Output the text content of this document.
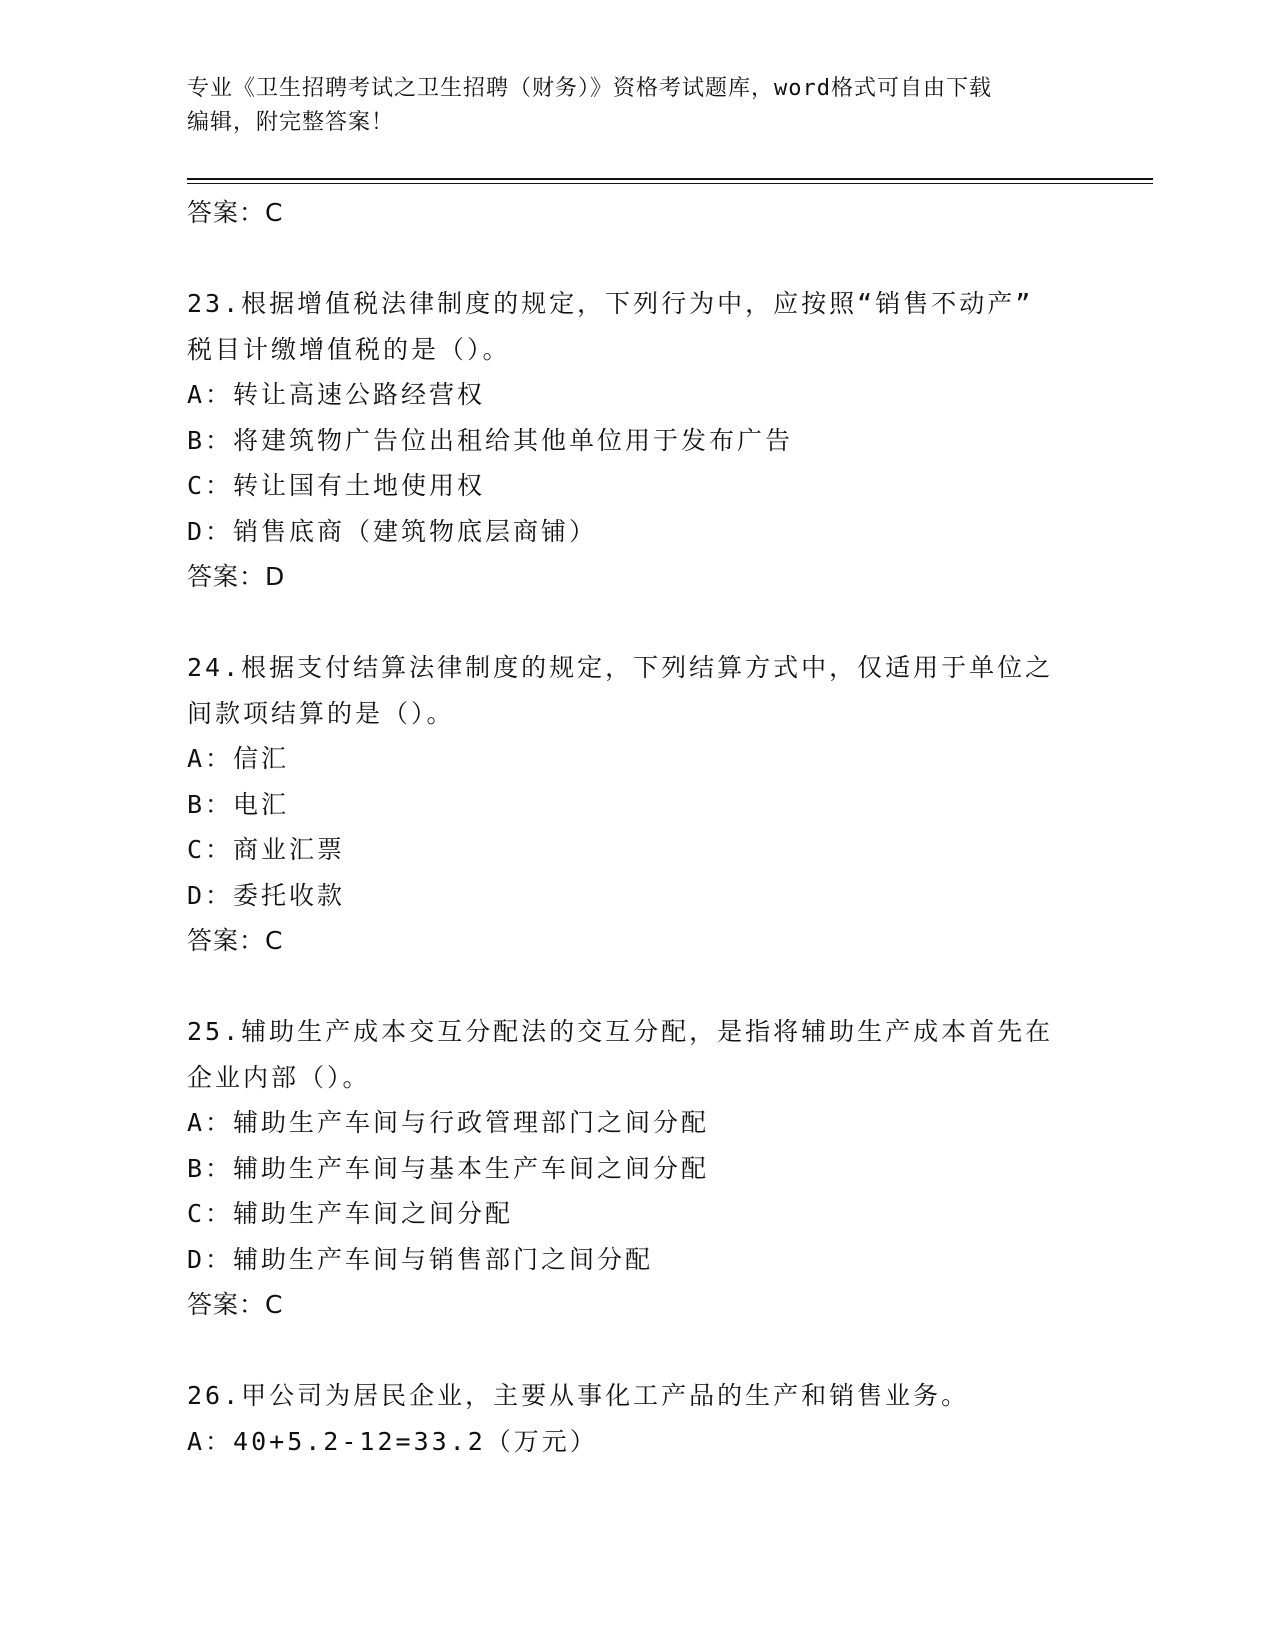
专业《卫生招聘考试之卫生招聘（财务）》资格考试题库，word格式可自由下载
编辑，附完整答案！
答案：C
23.根据增值税法律制度的规定，下列行为中，应按照“销售不动产”
税目计缴增值税的是（）。
A：转让高速公路经营权
B：将建筑物广告位出租给其他单位用于发布广告
C：转让国有土地使用权
D：销售底商（建筑物底层商铺）
答案：D
24.根据支付结算法律制度的规定，下列结算方式中，仅适用于单位之
间款项结算的是（）。
A：信汇
B：电汇
C：商业汇票
D：委托收款
答案：C
25.辅助生产成本交互分配法的交互分配，是指将辅助生产成本首先在
企业内部（）。
A：辅助生产车间与行政管理部门之间分配
B：辅助生产车间与基本生产车间之间分配
C：辅助生产车间之间分配
D：辅助生产车间与销售部门之间分配
答案：C
26.甲公司为居民企业，主要从事化工产品的生产和销售业务。
A：40+5.2-12=33.2（万元）
